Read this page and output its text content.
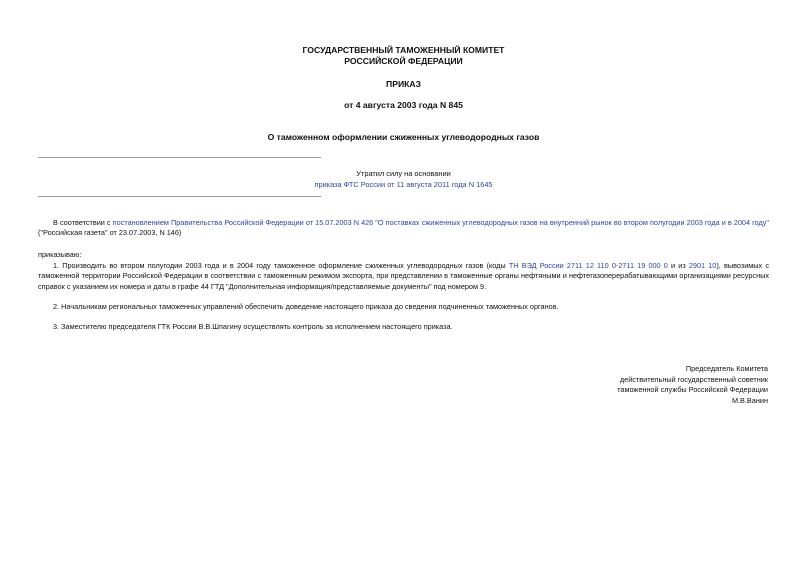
ГОСУДАРСТВЕННЫЙ ТАМОЖЕННЫЙ КОМИТЕТ
РОССИЙСКОЙ ФЕДЕРАЦИИ
ПРИКАЗ
от 4 августа 2003 года N 845
О таможенном оформлении сжиженных углеводородных газов
Утратил силу на основании
приказа ФТС России от 11 августа 2011 года N 1645
В соответствии с постановлением Правительства Российской Федерации от 15.07.2003 N 426 "О поставках сжиженных углеводородных газов на внутренний рынок во втором полугодии 2003 года и в 2004 году" ("Российская газета" от 23.07.2003, N 146)
приказываю:
1. Производить во втором полугодии 2003 года и в 2004 году таможенное оформление сжиженных углеводородных газов (коды ТН ВЭД России 2711 12 110 0-2711 19 000 0 и из 2901 10), вывозимых с таможенной территории Российской Федерации в соответствии с таможенным режимом экспорта, при представлении в таможенные органы нефтяными и нефтегазоперерабатывающими организациями ресурсных справок с указанием их номера и даты в графе 44 ГТД "Дополнительная информация/представляемые документы" под номером 9.
2. Начальникам региональных таможенных управлений обеспечить доведение настоящего приказа до сведения подчиненных таможенных органов.
3. Заместителю председателя ГТК России В.В.Шпагину осуществлять контроль за исполнением настоящего приказа.
Председатель Комитета
действительный государственный советник
таможенной службы Российской Федерации
М.В.Ванин
